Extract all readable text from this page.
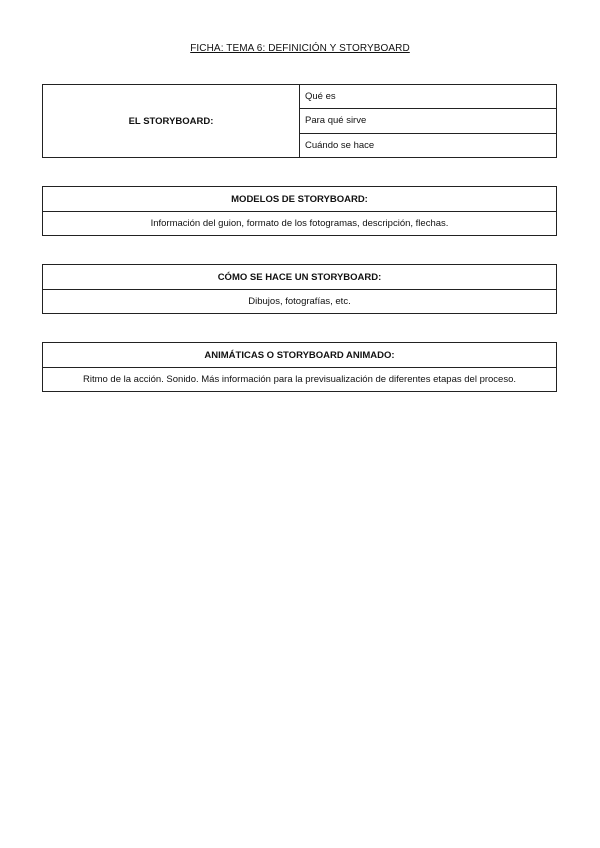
FICHA: TEMA 6: DEFINICIÓN Y STORYBOARD
EL STORYBOARD:	Qué es
Para qué sirve
Cuándo se hace
MODELOS DE STORYBOARD:
Información del guion, formato de los fotogramas, descripción, flechas.
CÓMO SE HACE UN STORYBOARD:
Dibujos, fotografías, etc.
ANIMÁTICAS O STORYBOARD ANIMADO:
Ritmo de la acción. Sonido. Más información para la previsualización de diferentes etapas del proceso.
